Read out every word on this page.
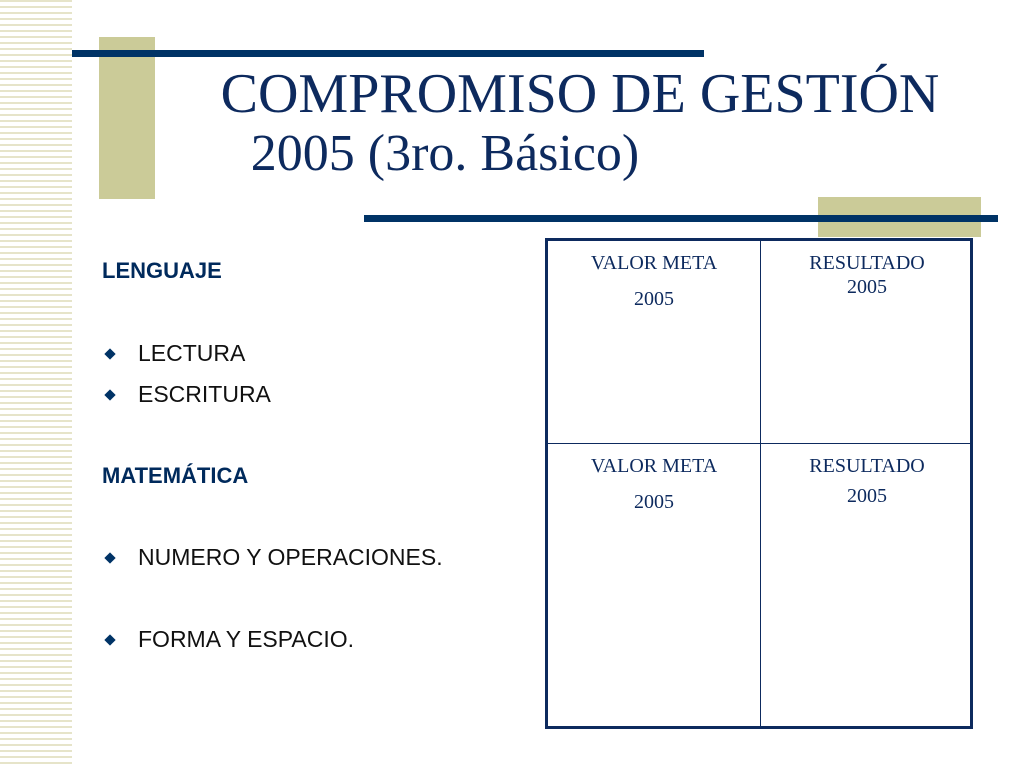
COMPROMISO DE GESTIÓN
2005 (3ro. Básico)
LENGUAJE
LECTURA
ESCRITURA
MATEMÁTICA
NUMERO Y OPERACIONES.
FORMA Y ESPACIO.
VALOR META
2005
RESULTADO
2005
VALOR META
2005
RESULTADO
2005
